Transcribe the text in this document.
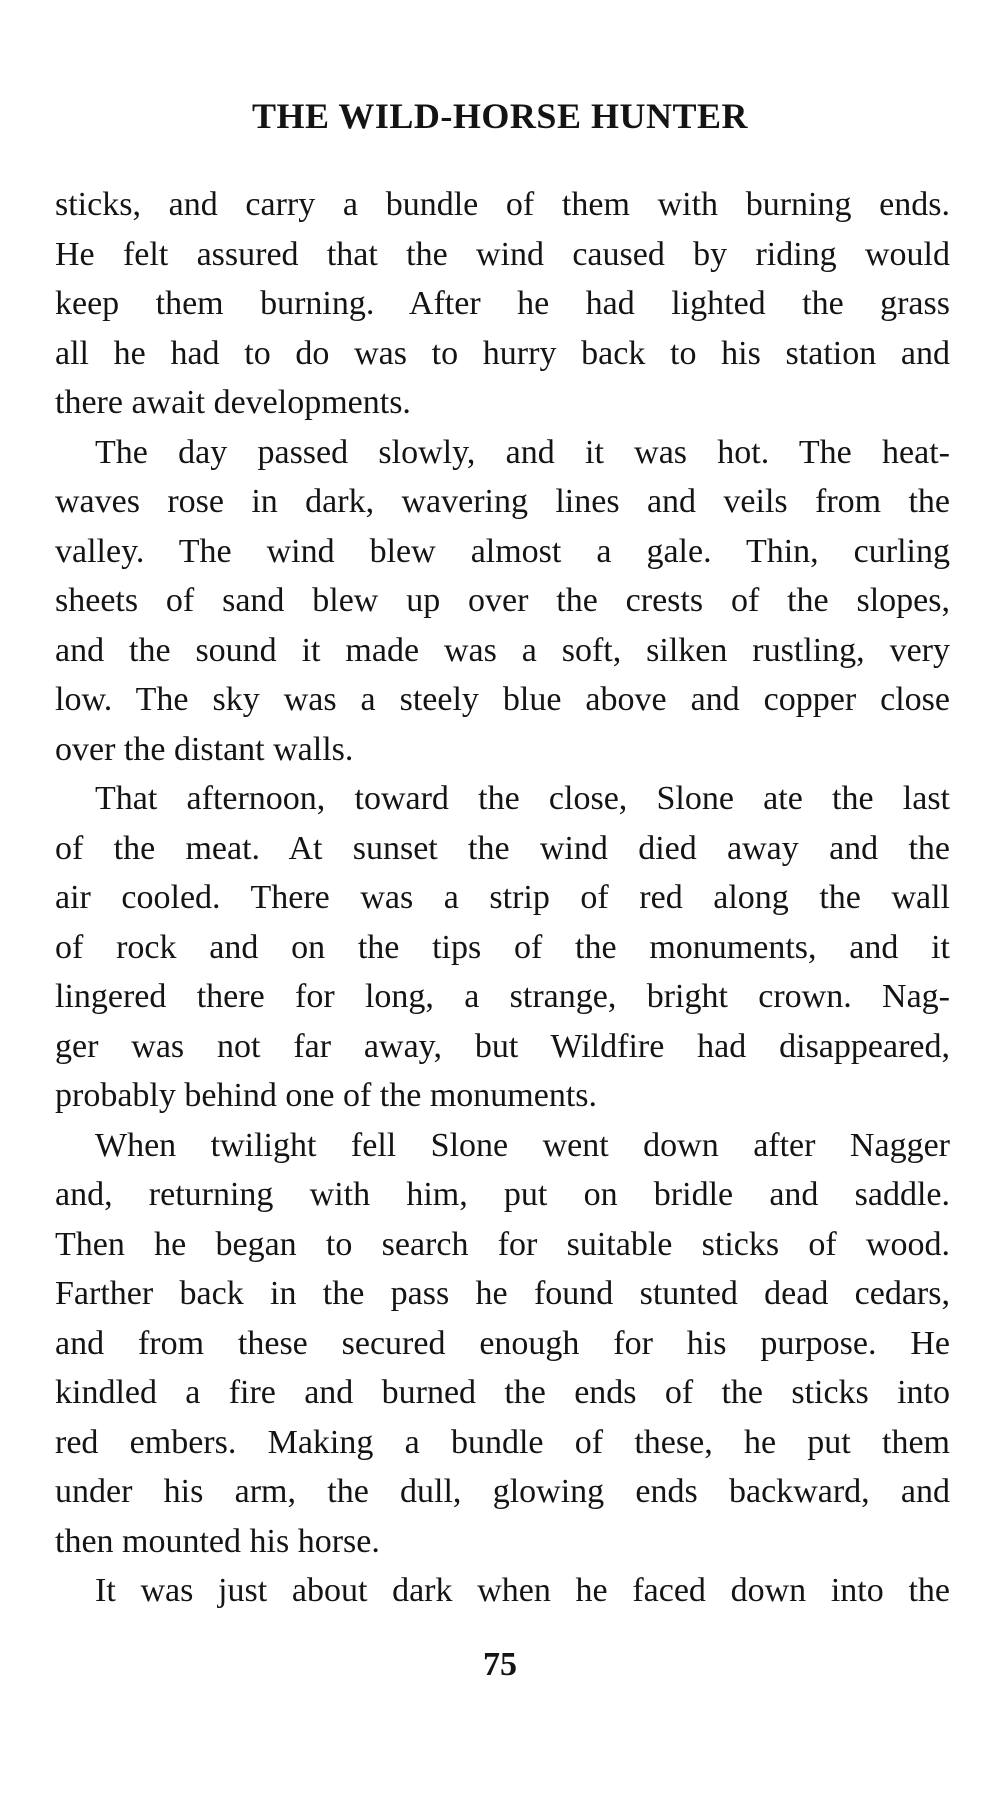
THE WILD-HORSE HUNTER
sticks, and carry a bundle of them with burning ends.
He felt assured that the wind caused by riding would
keep them burning. After he had lighted the grass
all he had to do was to hurry back to his station and
there await developments.
The day passed slowly, and it was hot. The heat-
waves rose in dark, wavering lines and veils from the
valley. The wind blew almost a gale. Thin, curling
sheets of sand blew up over the crests of the slopes,
and the sound it made was a soft, silken rustling, very
low. The sky was a steely blue above and copper close
over the distant walls.
That afternoon, toward the close, Slone ate the last
of the meat. At sunset the wind died away and the
air cooled. There was a strip of red along the wall
of rock and on the tips of the monuments, and it
lingered there for long, a strange, bright crown. Nag-
ger was not far away, but Wildfire had disappeared,
probably behind one of the monuments.
When twilight fell Slone went down after Nagger
and, returning with him, put on bridle and saddle.
Then he began to search for suitable sticks of wood.
Farther back in the pass he found stunted dead cedars,
and from these secured enough for his purpose. He
kindled a fire and burned the ends of the sticks into
red embers. Making a bundle of these, he put them
under his arm, the dull, glowing ends backward, and
then mounted his horse.
It was just about dark when he faced down into the
75
